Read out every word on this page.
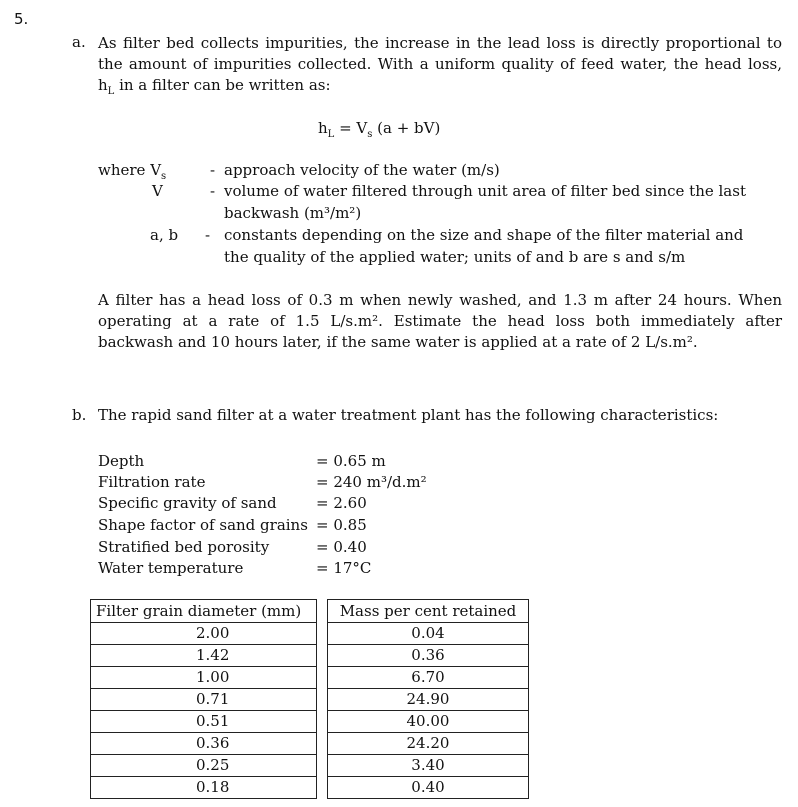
5.
a. As filter bed collects impurities, the increase in the lead loss is directly proportional to
the amount of impurities collected. With a uniform quality of feed water, the head loss,
$h_L$ in a filter can be written as:
$h_L = V_s$ (a + bV)
where $V_s$	- approach velocity of the water (m/s)
V	- volume of water filtered through unit area of filter bed since the last
backwash (m³/m²)
a, b - constants depending on the size and shape of the filter material and
the quality of the applied water; units of and b are s and s/m
A filter has a head loss of 0.3 m when newly washed, and 1.3 m after 24 hours. When
operating at a rate of 1.5 L/s.m². Estimate the head loss both immediately after
backwash and 10 hours later, if the same water is applied at a rate of 2 L/s.m².
b. The rapid sand filter at a water treatment plant has the following characteristics:
Depth	= 0.65 m
Filtration rate	= 240 m³/d.m²
Specific gravity of sand	= 2.60
Shape factor of sand grains = 0.85
Stratified bed porosity	= 0.40
Water temperature	= 17°C
Filter grain diameter (mm)		Mass per cent retained
2.00		0.04
1.42		0.36
1.00		6.70
0.71		24.90
0.51		40.00
0.36		24.20
0.25		3.40
0.18		0.40
